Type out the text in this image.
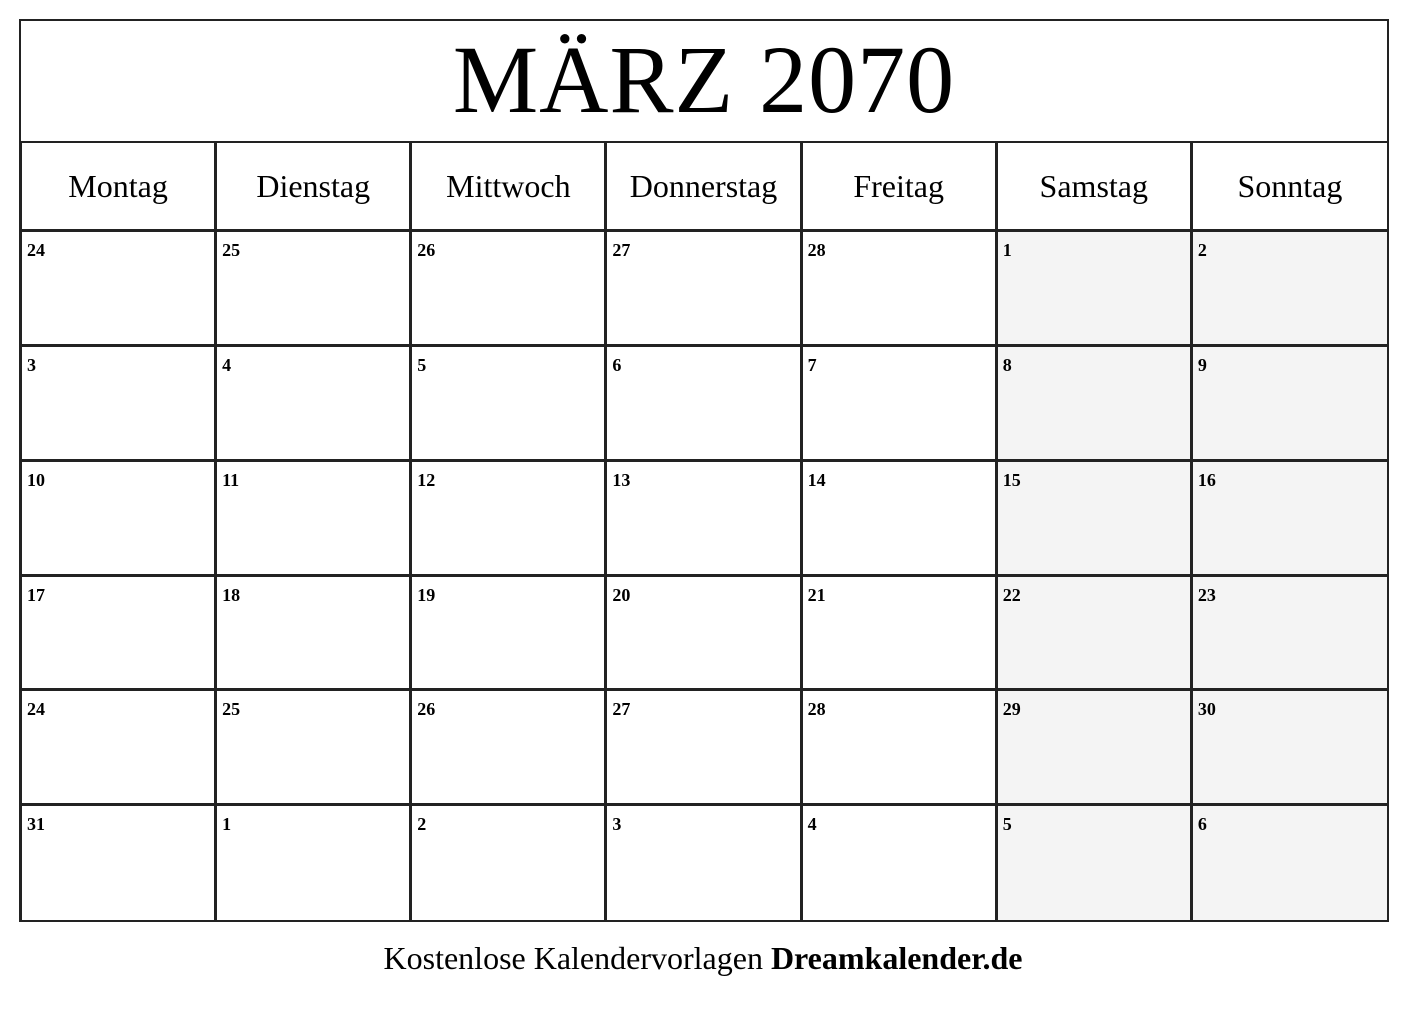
MÄRZ 2070
Montag	Dienstag	Mittwoch	Donnerstag	Freitag	Samstag	Sonntag
24	25	26	27	28	1	2
3	4	5	6	7	8	9
10	11	12	13	14	15	16
17	18	19	20	21	22	23
24	25	26	27	28	29	30
31	1	2	3	4	5	6
Kostenlose Kalendervorlagen Dreamkalender.de
